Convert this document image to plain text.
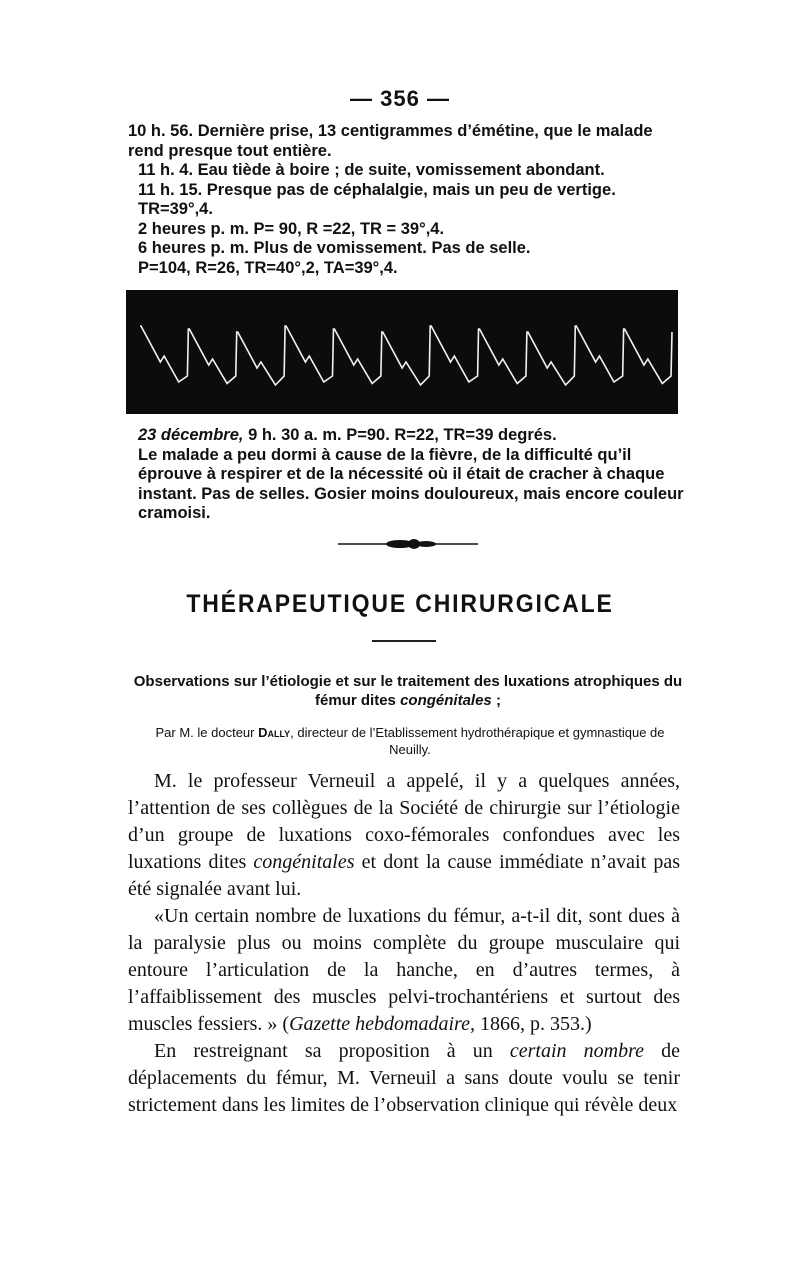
— 356 —

10 h. 56. Dernière prise, 13 centigrammes d’émétine, que le malade rend presque tout entière.

11 h. 4. Eau tiède à boire ; de suite, vomissement abondant.

11 h. 15. Presque pas de céphalalgie, mais un peu de vertige. TR=39°,4.

2 heures p. m. P= 90, R =22, TR = 39°,4.

6 heures p. m. Plus de vomissement. Pas de selle.

P=104, R=26, TR=40°,2, TA=39°,4.

23 décembre, 9 h. 30 a. m. P=90. R=22, TR=39 degrés.

Le malade a peu dormi à cause de la fièvre, de la difficulté qu’il éprouve à respirer et de la nécessité où il était de cracher à chaque instant. Pas de selles. Gosier moins douloureux, mais encore couleur cramoisi.

THÉRAPEUTIQUE CHIRURGICALE
Observations sur l’étiologie et sur le traitement des luxations atrophiques du fémur dites congénitales ;
Par M. le docteur Dally, directeur de l’Etablissement hydrothérapique et gymnastique de Neuilly.

M. le professeur Verneuil a appelé, il y a quelques années, l’attention de ses collègues de la Société de chirurgie sur l’étiologie d’un groupe de luxations coxo-fémorales confondues avec les luxations dites congénitales et dont la cause immédiate n’avait pas été signalée avant lui.

«Un certain nombre de luxations du fémur, a-t-il dit, sont dues à la paralysie plus ou moins complète du groupe musculaire qui entoure l’articulation de la hanche, en d’autres termes, à l’affaiblissement des muscles pelvi-trochantériens et surtout des muscles fessiers. » (Gazette hebdomadaire, 1866, p. 353.)

En restreignant sa proposition à un certain nombre de déplacements du fémur, M. Verneuil a sans doute voulu se tenir strictement dans les limites de l’observation clinique qui révèle deux
